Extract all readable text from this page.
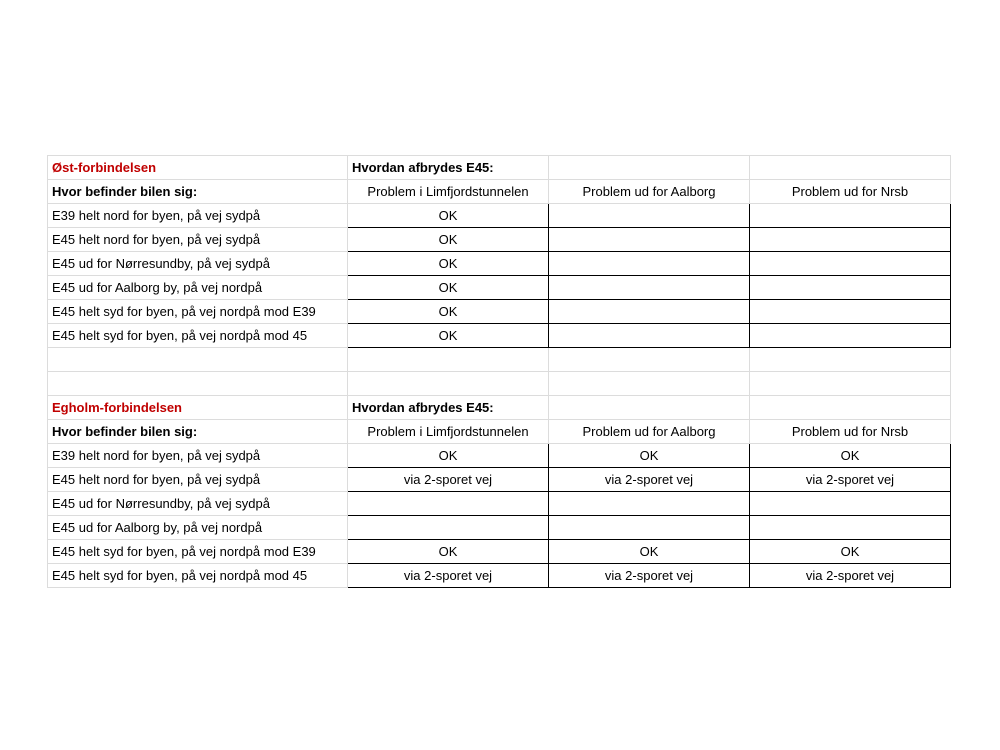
Øst-forbindelsen	Hvordan afbrydes E45:		
Hvor befinder bilen sig:	Problem i Limfjordstunnelen	Problem ud for Aalborg	Problem ud for Nrsb
E39 helt nord for byen, på vej sydpå	OK		
E45 helt nord for byen, på vej sydpå	OK		
E45 ud for Nørresundby, på vej sydpå	OK		
E45 ud for Aalborg by, på vej nordpå	OK		
E45 helt syd for byen, på vej nordpå mod E39	OK		
E45 helt syd for byen, på vej nordpå mod 45	OK		

Egholm-forbindelsen	Hvordan afbrydes E45:		
Hvor befinder bilen sig:	Problem i Limfjordstunnelen	Problem ud for Aalborg	Problem ud for Nrsb
E39 helt nord for byen, på vej sydpå	OK	OK	OK
E45 helt nord for byen, på vej sydpå	via 2-sporet vej	via 2-sporet vej	via 2-sporet vej
E45 ud for Nørresundby, på vej sydpå			
E45 ud for Aalborg by, på vej nordpå			
E45 helt syd for byen, på vej nordpå mod E39	OK	OK	OK
E45 helt syd for byen, på vej nordpå mod 45	via 2-sporet vej	via 2-sporet vej	via 2-sporet vej
